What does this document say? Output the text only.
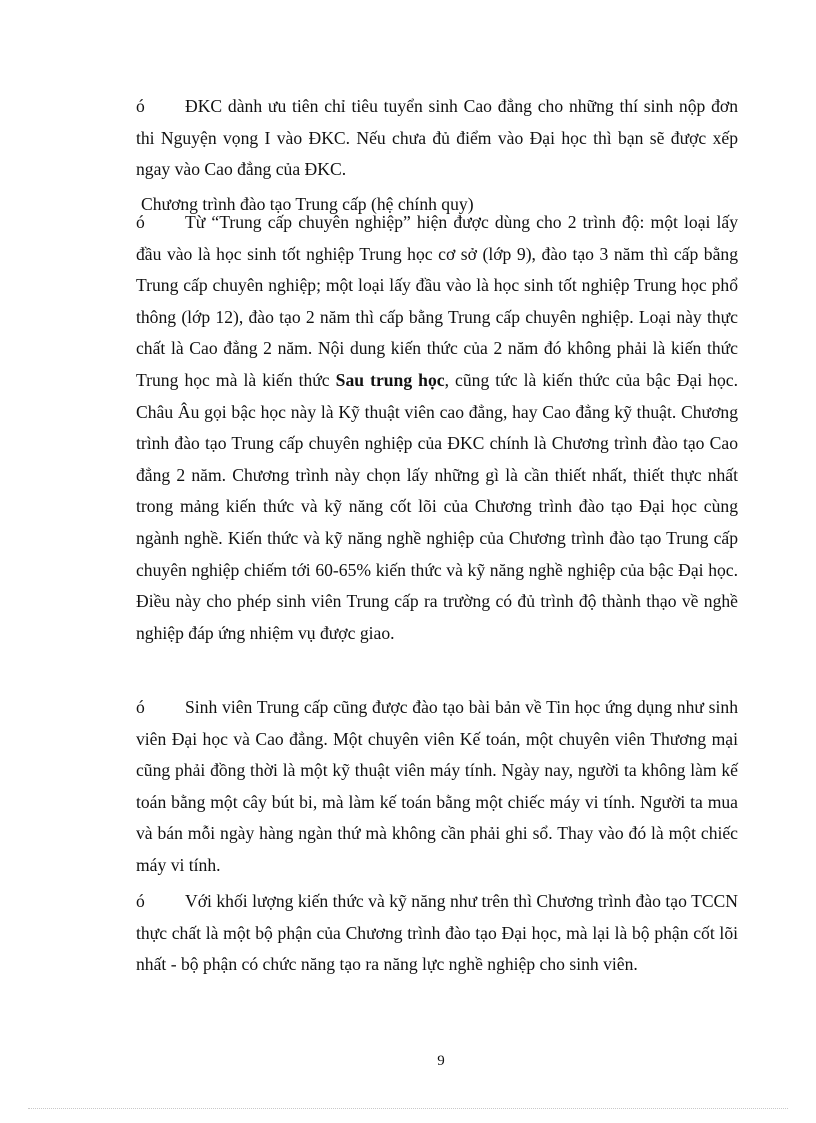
ó ĐKC dành ưu tiên chỉ tiêu tuyển sinh Cao đẳng cho những thí sinh nộp đơn thi Nguyện vọng I vào ĐKC. Nếu chưa đủ điểm vào Đại học thì bạn sẽ được xếp ngay vào Cao đẳng của ĐKC.

Chương trình đào tạo Trung cấp (hệ chính quy)

ó Từ “Trung cấp chuyên nghiệp” hiện được dùng cho 2 trình độ: một loại lấy đầu vào là học sinh tốt nghiệp Trung học cơ sở (lớp 9), đào tạo 3 năm thì cấp bằng Trung cấp chuyên nghiệp; một loại lấy đầu vào là học sinh tốt nghiệp Trung học phổ thông (lớp 12), đào tạo 2 năm thì cấp bằng Trung cấp chuyên nghiệp. Loại này thực chất là Cao đẳng 2 năm. Nội dung kiến thức của 2 năm đó không phải là kiến thức Trung học mà là kiến thức Sau trung học, cũng tức là kiến thức của bậc Đại học. Châu Âu gọi bậc học này là Kỹ thuật viên cao đẳng, hay Cao đẳng kỹ thuật. Chương trình đào tạo Trung cấp chuyên nghiệp của ĐKC chính là Chương trình đào tạo Cao đẳng 2 năm. Chương trình này chọn lấy những gì là cần thiết nhất, thiết thực nhất trong mảng kiến thức và kỹ năng cốt lõi của Chương trình đào tạo Đại học cùng ngành nghề. Kiến thức và kỹ năng nghề nghiệp của Chương trình đào tạo Trung cấp chuyên nghiệp chiếm tới 60-65% kiến thức và kỹ năng nghề nghiệp của bậc Đại học. Điều này cho phép sinh viên Trung cấp ra trường có đủ trình độ thành thạo về nghề nghiệp đáp ứng nhiệm vụ được giao.

ó Sinh viên Trung cấp cũng được đào tạo bài bản về Tin học ứng dụng như sinh viên Đại học và Cao đẳng. Một chuyên viên Kế toán, một chuyên viên Thương mại cũng phải đồng thời là một kỹ thuật viên máy tính. Ngày nay, người ta không làm kế toán bằng một cây bút bi, mà làm kế toán bằng một chiếc máy vi tính. Người ta mua và bán mỗi ngày hàng ngàn thứ mà không cần phải ghi sổ. Thay vào đó là một chiếc máy vi tính.

ó Với khối lượng kiến thức và kỹ năng như trên thì Chương trình đào tạo TCCN thực chất là một bộ phận của Chương trình đào tạo Đại học, mà lại là bộ phận cốt lõi nhất - bộ phận có chức năng tạo ra năng lực nghề nghiệp cho sinh viên.

9
